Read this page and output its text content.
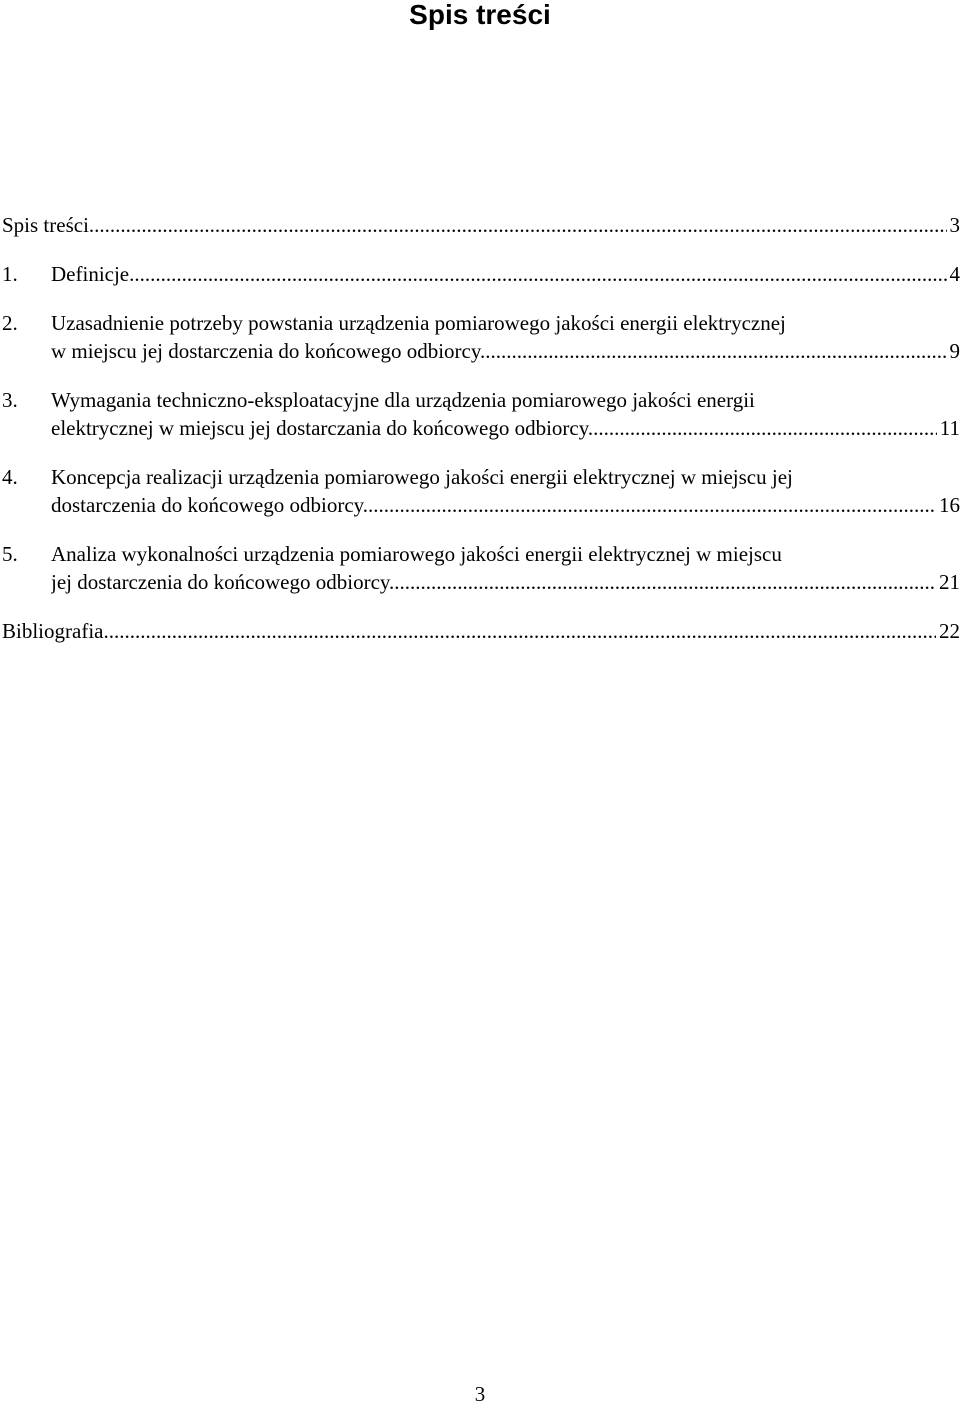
Spis treści
Spis treści .....	3
1. Definicje .....	4
2. Uzasadnienie potrzeby powstania urządzenia pomiarowego jakości energii elektrycznej
w miejscu jej dostarczenia do końcowego odbiorcy. .....	9
3. Wymagania techniczno-eksploatacyjne dla urządzenia pomiarowego jakości energii
elektrycznej w miejscu jej dostarczania do końcowego odbiorcy. .....	11
4. Koncepcja realizacji urządzenia pomiarowego jakości energii elektrycznej w miejscu jej
dostarczenia do końcowego odbiorcy. .....	16
5. Analiza wykonalności urządzenia pomiarowego jakości energii elektrycznej w miejscu
jej dostarczenia do końcowego odbiorcy. .....	21
Bibliografia .....	22
3
